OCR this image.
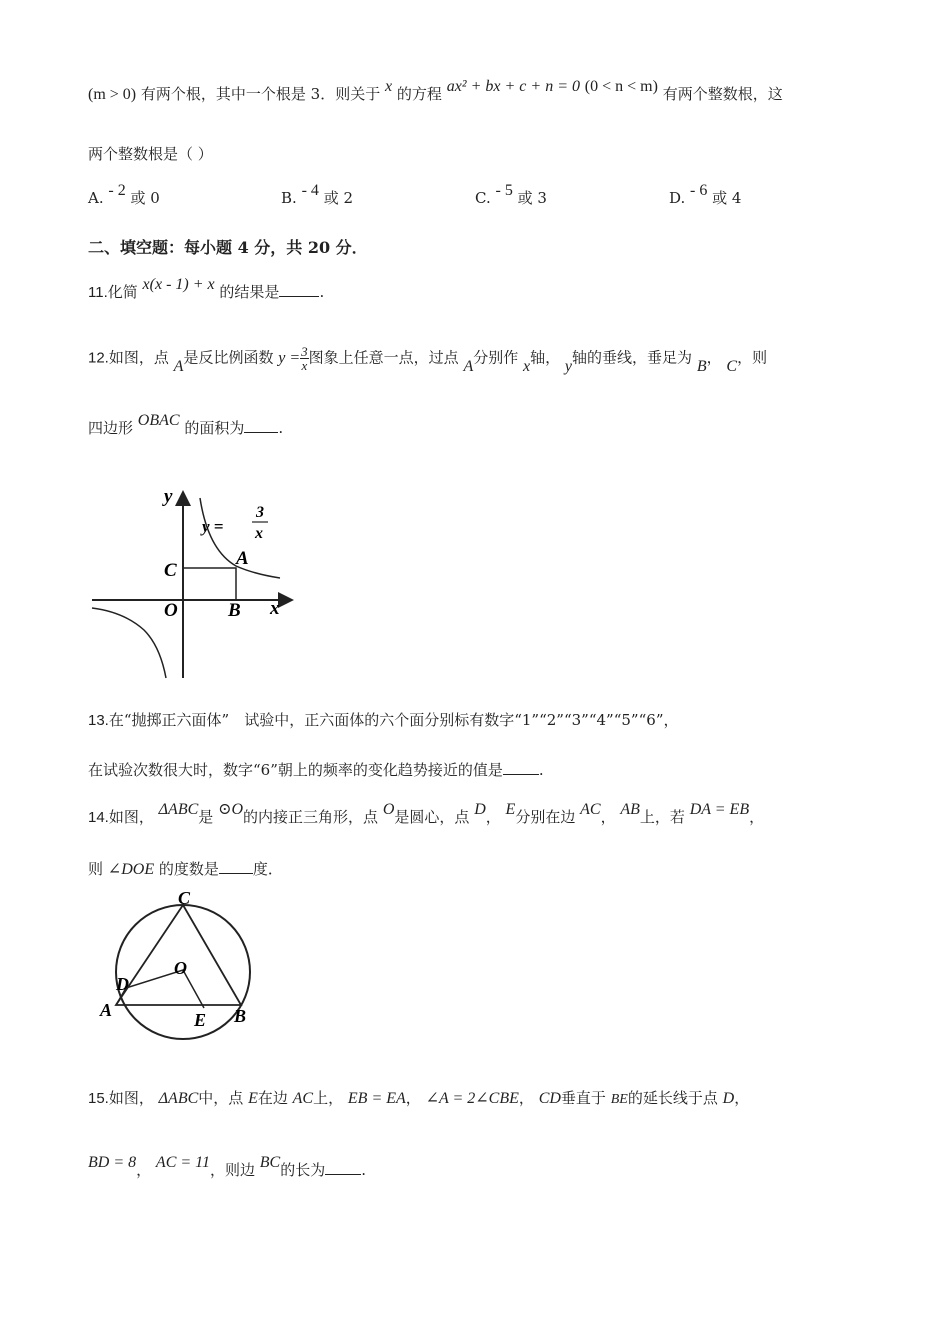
(m > 0) 有两个根，其中一个根是 3．则关于 x 的方程 ax² + bx + c + n = 0 (0 < n < m) 有两个整数根，这
两个整数根是（ ）
A. - 2 或 0	B. - 4 或 2	C. - 5 或 3	D. - 6 或 4
二、填空题：每小题 4 分，共 20 分．
11.化简 x(x - 1) + x 的结果是	.
12.如图，点 A是反比例函数 $y = \frac{3}{x}$ 图象上任意一点，过点 A分别作 x轴， y轴的垂线，垂足为 B， C，则
四边形 OBAC 的面积为 .
y
x
y =
3
x
O
C
A
B
13.在“抛掷正六面体”　试验中，正六面体的六个面分别标有数字“1”“2”“3”“4”“5”“6”，
在试验次数很大时，数字“6”朝上的频率的变化趋势接近的值是 .
14.如图， ΔABC是 ⊙O的内接正三角形，点 O是圆心，点 D， E分别在边 AC， AB上，若 DA = EB，
则 ∠DOE 的度数是 度．
C
O
D
A	E B
15.如图， ΔABC中，点 E在边 AC上， EB = EA， ∠A = 2∠CBE， CD垂直于 BE的延长线于点 D，
BD = 8， AC = 11，则边 BC的长为 .
